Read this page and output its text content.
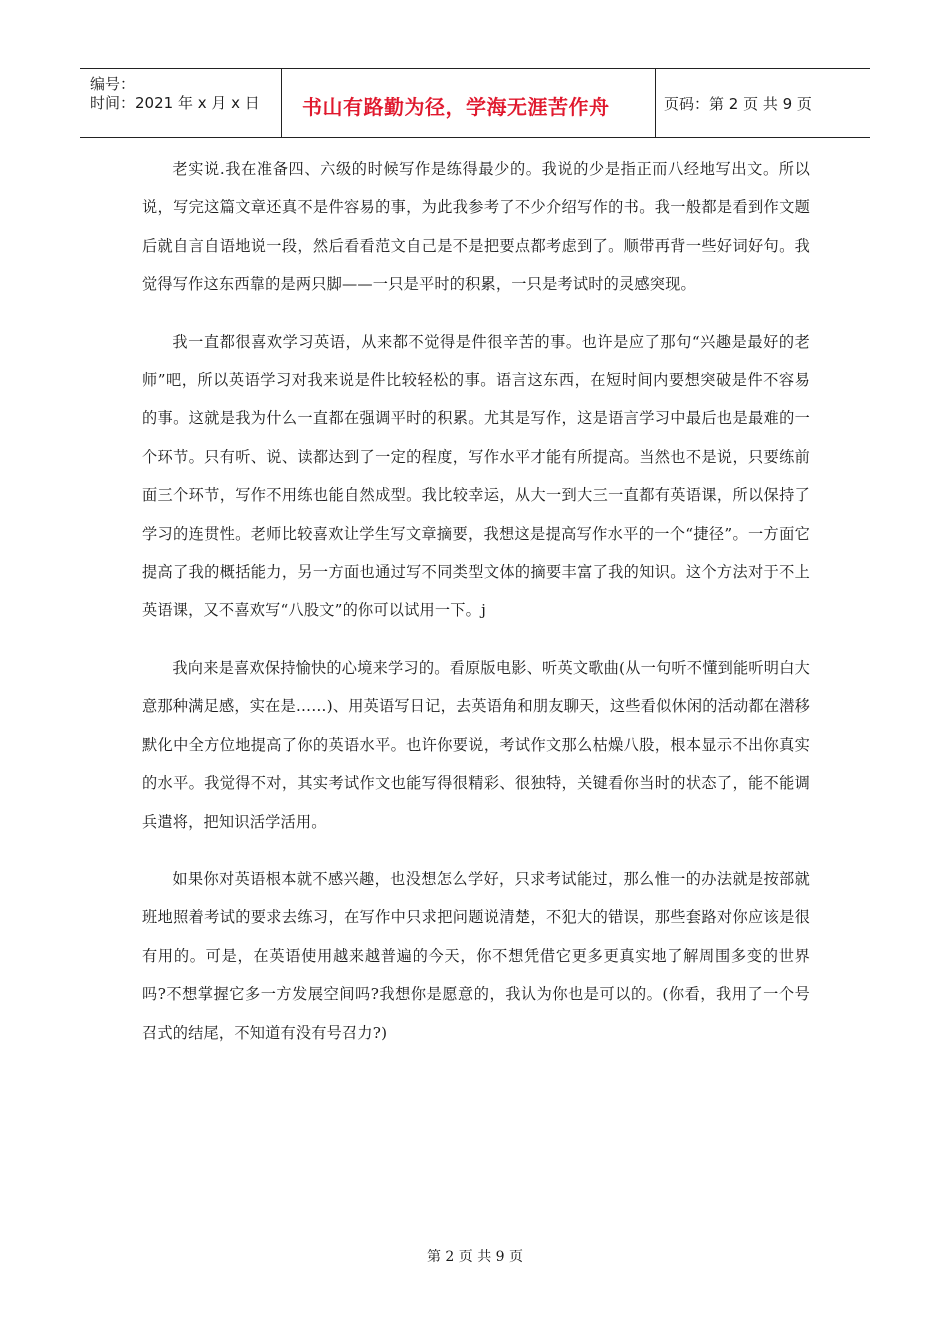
编号：
时间：2021 年 x 月 x 日 书山有路勤为径，学海无涯苦作舟	页码：第 2 页 共 9 页

老实说.我在准备四、六级的时候写作是练得最少的。我说的少是指正而八经地写出文。所以说，写完这篇文章还真不是件容易的事，为此我参考了不少介绍写作的书。我一般都是看到作文题后就自言自语地说一段，然后看看范文自己是不是把要点都考虑到了。顺带再背一些好词好句。我觉得写作这东西靠的是两只脚——一只是平时的积累，一只是考试时的灵感突现。

我一直都很喜欢学习英语，从来都不觉得是件很辛苦的事。也许是应了那句“兴趣是最好的老师”吧，所以英语学习对我来说是件比较轻松的事。语言这东西，在短时间内要想突破是件不容易的事。这就是我为什么一直都在强调平时的积累。尤其是写作，这是语言学习中最后也是最难的一个环节。只有听、说、读都达到了一定的程度，写作水平才能有所提高。当然也不是说，只要练前面三个环节，写作不用练也能自然成型。我比较幸运，从大一到大三一直都有英语课，所以保持了学习的连贯性。老师比较喜欢让学生写文章摘要，我想这是提高写作水平的一个“捷径”。一方面它提高了我的概括能力，另一方面也通过写不同类型文体的摘要丰富了我的知识。这个方法对于不上英语课，又不喜欢写“八股文”的你可以试用一下。j

我向来是喜欢保持愉快的心境来学习的。看原版电影、听英文歌曲(从一句听不懂到能听明白大意那种满足感，实在是……)、用英语写日记，去英语角和朋友聊天，这些看似休闲的活动都在潜移默化中全方位地提高了你的英语水平。也许你要说，考试作文那么枯燥八股，根本显示不出你真实的水平。我觉得不对，其实考试作文也能写得很精彩、很独特，关键看你当时的状态了，能不能调兵遣将，把知识活学活用。

如果你对英语根本就不感兴趣，也没想怎么学好，只求考试能过，那么惟一的办法就是按部就班地照着考试的要求去练习，在写作中只求把问题说清楚，不犯大的错误，那些套路对你应该是很有用的。可是，在英语使用越来越普遍的今天，你不想凭借它更多更真实地了解周围多变的世界吗?不想掌握它多一方发展空间吗?我想你是愿意的，我认为你也是可以的。(你看，我用了一个号召式的结尾，不知道有没有号召力?)

第 2 页 共 9 页
